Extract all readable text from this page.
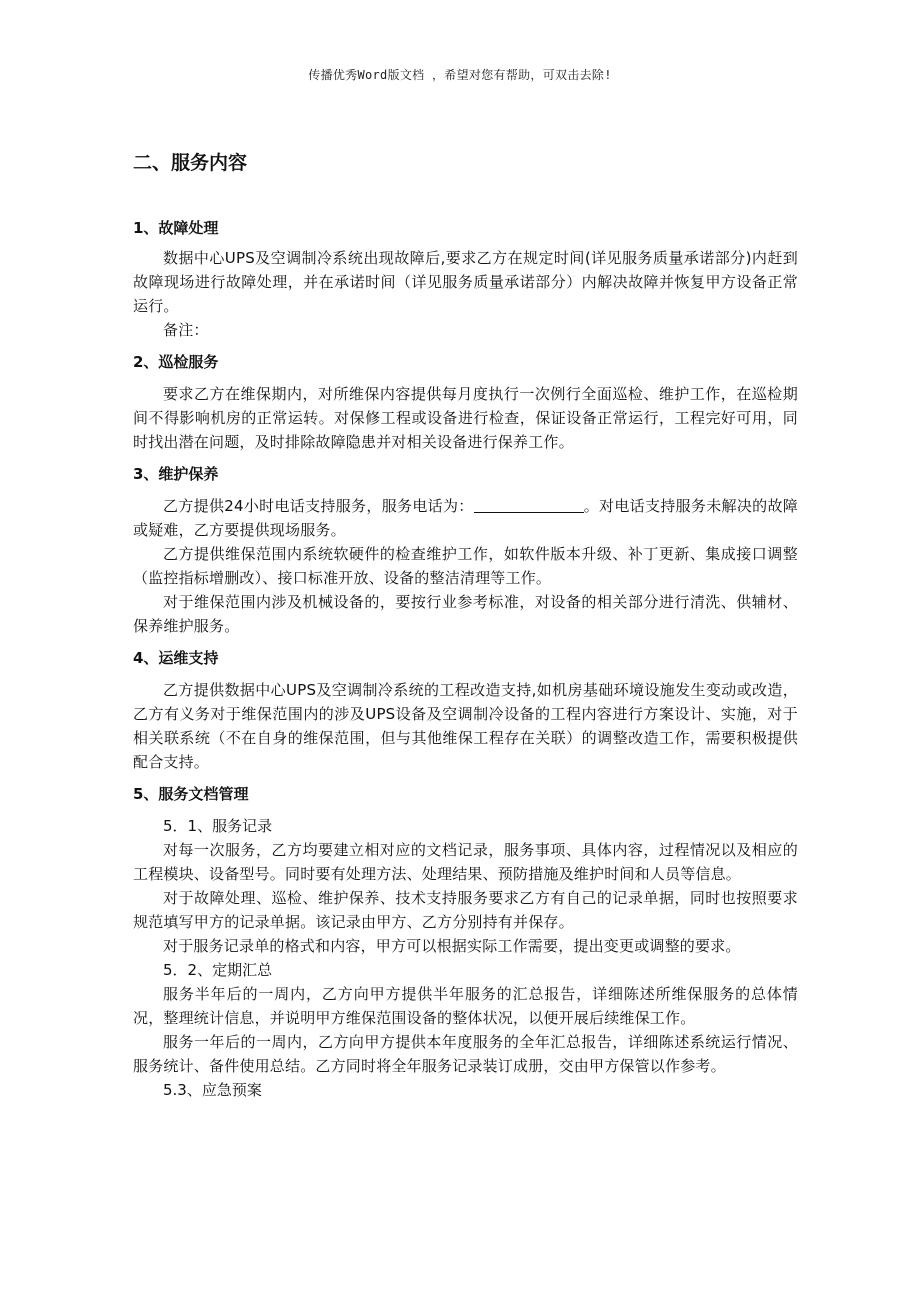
传播优秀Word版文档 ，希望对您有帮助，可双击去除!
二、服务内容
1、故障处理

数据中心UPS及空调制冷系统出现故障后,要求乙方在规定时间(详见服务质量承诺部分)内赶到故障现场进行故障处理，并在承诺时间（详见服务质量承诺部分）内解决故障并恢复甲方设备正常运行。

备注：

2、巡检服务

要求乙方在维保期内，对所维保内容提供每月度执行一次例行全面巡检、维护工作，在巡检期间不得影响机房的正常运转。对保修工程或设备进行检查，保证设备正常运行，工程完好可用，同时找出潜在问题，及时排除故障隐患并对相关设备进行保养工作。

3、维护保养

乙方提供24小时电话支持服务，服务电话为：	。对电话支持服务未解决的故障或疑难，乙方要提供现场服务。

乙方提供维保范围内系统软硬件的检查维护工作，如软件版本升级、补丁更新、集成接口调整（监控指标增删改）、接口标准开放、设备的整洁清理等工作。

对于维保范围内涉及机械设备的，要按行业参考标准，对设备的相关部分进行清洗、供辅材、保养维护服务。

4、运维支持

乙方提供数据中心UPS及空调制冷系统的工程改造支持,如机房基础环境设施发生变动或改造，乙方有义务对于维保范围内的涉及UPS设备及空调制冷设备的工程内容进行方案设计、实施，对于相关联系统（不在自身的维保范围，但与其他维保工程存在关联）的调整改造工作，需要积极提供配合支持。

5、服务文档管理

5．1、服务记录

对每一次服务，乙方均要建立相对应的文档记录，服务事项、具体内容，过程情况以及相应的工程模块、设备型号。同时要有处理方法、处理结果、预防措施及维护时间和人员等信息。

对于故障处理、巡检、维护保养、技术支持服务要求乙方有自己的记录单据，同时也按照要求规范填写甲方的记录单据。该记录由甲方、乙方分别持有并保存。

对于服务记录单的格式和内容，甲方可以根据实际工作需要，提出变更或调整的要求。

5．2、定期汇总

服务半年后的一周内，乙方向甲方提供半年服务的汇总报告，详细陈述所维保服务的总体情况，整理统计信息，并说明甲方维保范围设备的整体状况，以便开展后续维保工作。

服务一年后的一周内，乙方向甲方提供本年度服务的全年汇总报告，详细陈述系统运行情况、服务统计、备件使用总结。乙方同时将全年服务记录装订成册，交由甲方保管以作参考。

5.3、应急预案
